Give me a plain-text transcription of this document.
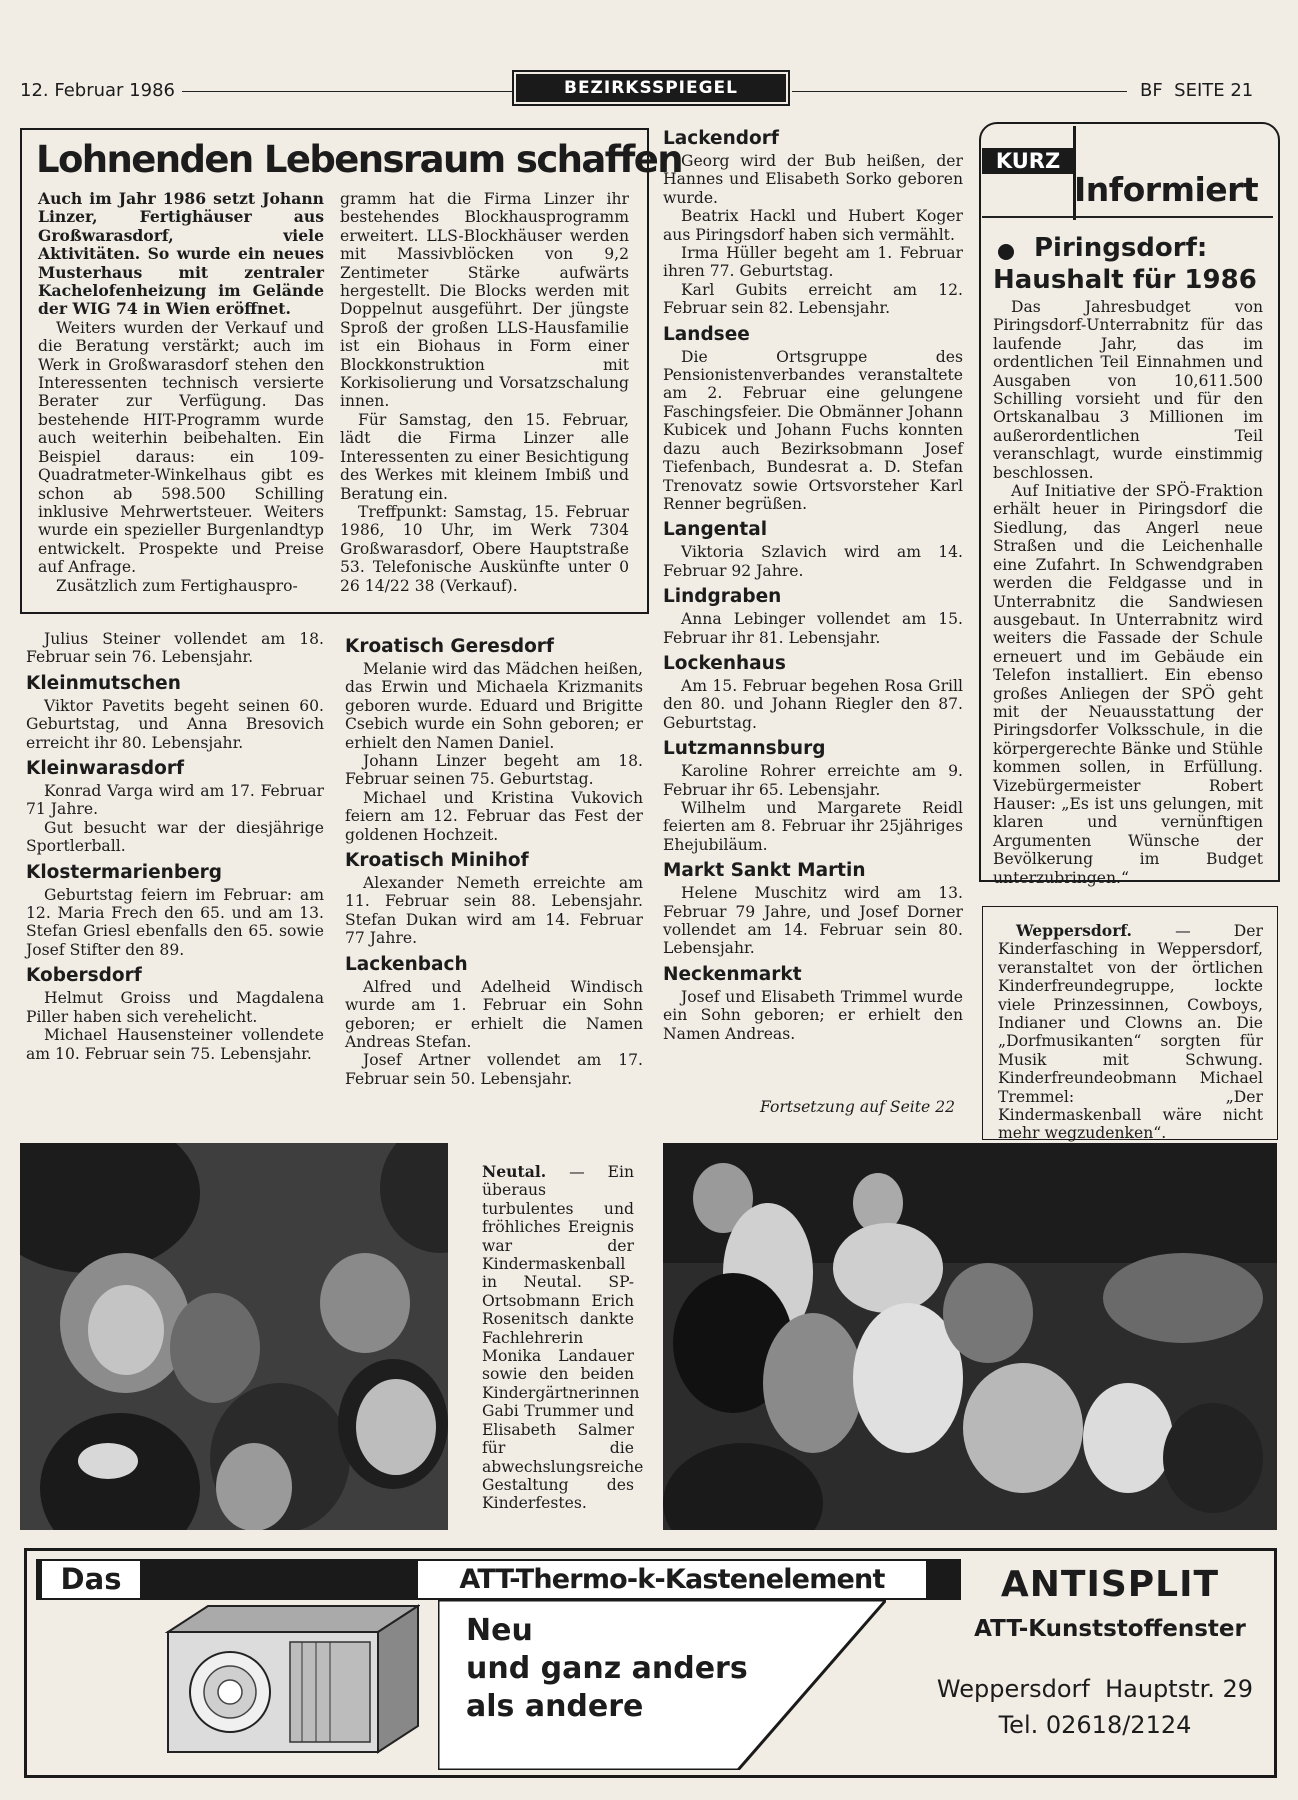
12. Februar 1986	BEZIRKSSPIEGEL	BF  SEITE 21
Lohnenden Lebensraum schaffen

Auch im Jahr 1986 setzt Johann Linzer, Fertighäuser aus Großwarasdorf, viele Aktivitäten. So wurde ein neues Musterhaus mit zentraler Kachelofenheizung im Gelände der WIG 74 in Wien eröffnet.

Weiters wurden der Verkauf und die Beratung verstärkt; auch im Werk in Großwarasdorf stehen den Interessenten technisch versierte Berater zur Verfügung. Das bestehende HIT-Programm wurde auch weiterhin beibehalten. Ein Beispiel daraus: ein 109-Quadratmeter-Winkelhaus gibt es schon ab 598.500 Schilling inklusive Mehrwertsteuer. Weiters wurde ein spezieller Burgenlandtyp entwickelt. Prospekte und Preise auf Anfrage.

Zusätzlich zum Fertighauspro-

gramm hat die Firma Linzer ihr bestehendes Blockhausprogramm erweitert. LLS-Blockhäuser werden mit Massivblöcken von 9,2 Zentimeter Stärke aufwärts hergestellt. Die Blocks werden mit Doppelnut ausgeführt. Der jüngste Sproß der großen LLS-Hausfamilie ist ein Biohaus in Form einer Blockkonstruktion mit Korkisolierung und Vorsatzschalung innen.

Für Samstag, den 15. Februar, lädt die Firma Linzer alle Interessenten zu einer Besichtigung des Werkes mit kleinem Imbiß und Beratung ein.

Treffpunkt: Samstag, 15. Februar 1986, 10 Uhr, im Werk 7304 Großwarasdorf, Obere Hauptstraße 53. Telefonische Auskünfte unter 0 26 14/22 38 (Verkauf).

Julius Steiner vollendet am 18. Februar sein 76. Lebensjahr.

Kleinmutschen

Viktor Pavetits begeht seinen 60. Geburtstag, und Anna Bresovich erreicht ihr 80. Lebensjahr.

Kleinwarasdorf

Konrad Varga wird am 17. Februar 71 Jahre.

Gut besucht war der diesjährige Sportlerball.

Klostermarienberg

Geburtstag feiern im Februar: am 12. Maria Frech den 65. und am 13. Stefan Griesl ebenfalls den 65. sowie Josef Stifter den 89.

Kobersdorf

Helmut Groiss und Magdalena Piller haben sich verehelicht.

Michael Hausensteiner vollendete am 10. Februar sein 75. Lebensjahr.

Kroatisch Geresdorf

Melanie wird das Mädchen heißen, das Erwin und Michaela Krizmanits geboren wurde. Eduard und Brigitte Csebich wurde ein Sohn geboren; er erhielt den Namen Daniel.

Johann Linzer begeht am 18. Februar seinen 75. Geburtstag.

Michael und Kristina Vukovich feiern am 12. Februar das Fest der goldenen Hochzeit.

Kroatisch Minihof

Alexander Nemeth erreichte am 11. Februar sein 88. Lebensjahr. Stefan Dukan wird am 14. Februar 77 Jahre.

Lackenbach

Alfred und Adelheid Windisch wurde am 1. Februar ein Sohn geboren; er erhielt die Namen Andreas Stefan.

Josef Artner vollendet am 17. Februar sein 50. Lebensjahr.

Lackendorf

Georg wird der Bub heißen, der Hannes und Elisabeth Sorko geboren wurde.

Beatrix Hackl und Hubert Koger aus Piringsdorf haben sich vermählt.

Irma Hüller begeht am 1. Februar ihren 77. Geburtstag.

Karl Gubits erreicht am 12. Februar sein 82. Lebensjahr.

Landsee

Die Ortsgruppe des Pensionistenverbandes veranstaltete am 2. Februar eine gelungene Faschingsfeier. Die Obmänner Johann Kubicek und Johann Fuchs konnten dazu auch Bezirksobmann Josef Tiefenbach, Bundesrat a. D. Stefan Trenovatz sowie Ortsvorsteher Karl Renner begrüßen.

Langental

Viktoria Szlavich wird am 14. Februar 92 Jahre.

Lindgraben

Anna Lebinger vollendet am 15. Februar ihr 81. Lebensjahr.

Lockenhaus

Am 15. Februar begehen Rosa Grill den 80. und Johann Riegler den 87. Geburtstag.

Lutzmannsburg

Karoline Rohrer erreichte am 9. Februar ihr 65. Lebensjahr.

Wilhelm und Margarete Reidl feierten am 8. Februar ihr 25jähriges Ehejubiläum.

Markt Sankt Martin

Helene Muschitz wird am 13. Februar 79 Jahre, und Josef Dorner vollendet am 14. Februar sein 80. Lebensjahr.

Neckenmarkt

Josef und Elisabeth Trimmel wurde ein Sohn geboren; er erhielt den Namen Andreas.

Fortsetzung auf Seite 22
KURZ
Informiert
Piringsdorf:
Haushalt für 1986

Das Jahresbudget von Piringsdorf-Unterrabnitz für das laufende Jahr, das im ordentlichen Teil Einnahmen und Ausgaben von 10,611.500 Schilling vorsieht und für den Ortskanalbau 3 Millionen im außerordentlichen Teil veranschlagt, wurde einstimmig beschlossen.

Auf Initiative der SPÖ-Fraktion erhält heuer in Piringsdorf die Siedlung, das Angerl neue Straßen und die Leichenhalle eine Zufahrt. In Schwendgraben werden die Feldgasse und in Unterrabnitz die Sandwiesen ausgebaut. In Unterrabnitz wird weiters die Fassade der Schule erneuert und im Gebäude ein Telefon installiert. Ein ebenso großes Anliegen der SPÖ geht mit der Neuausstattung der Piringsdorfer Volksschule, in die körpergerechte Bänke und Stühle kommen sollen, in Erfüllung. Vizebürgermeister Robert Hauser: „Es ist uns gelungen, mit klaren und vernünftigen Argumenten Wünsche der Bevölkerung im Budget unterzubringen.“

Weppersdorf. — Der Kinderfasching in Weppersdorf, veranstaltet von der örtlichen Kinderfreundegruppe, lockte viele Prinzessinnen, Cowboys, Indianer und Clowns an. Die „Dorfmusikanten“ sorgten für Musik mit Schwung. Kinderfreundeobmann Michael Tremmel: „Der Kindermaskenball wäre nicht mehr wegzudenken“.

Neutal. — Ein überaus turbulentes und fröhliches Ereignis war der Kindermaskenball in Neutal. SP-Ortsobmann Erich Rosenitsch dankte Fachlehrerin Monika Landauer sowie den beiden Kindergärtnerinnen Gabi Trummer und Elisabeth Salmer für die abwechslungsreiche Gestaltung des Kinderfestes.

Das	ATT-Thermo-k-Kastenelement
Neu
und ganz anders
als andere
ANTISPLIT
ATT-Kunststoffenster
Weppersdorf  Hauptstr. 29
Tel. 02618/2124
